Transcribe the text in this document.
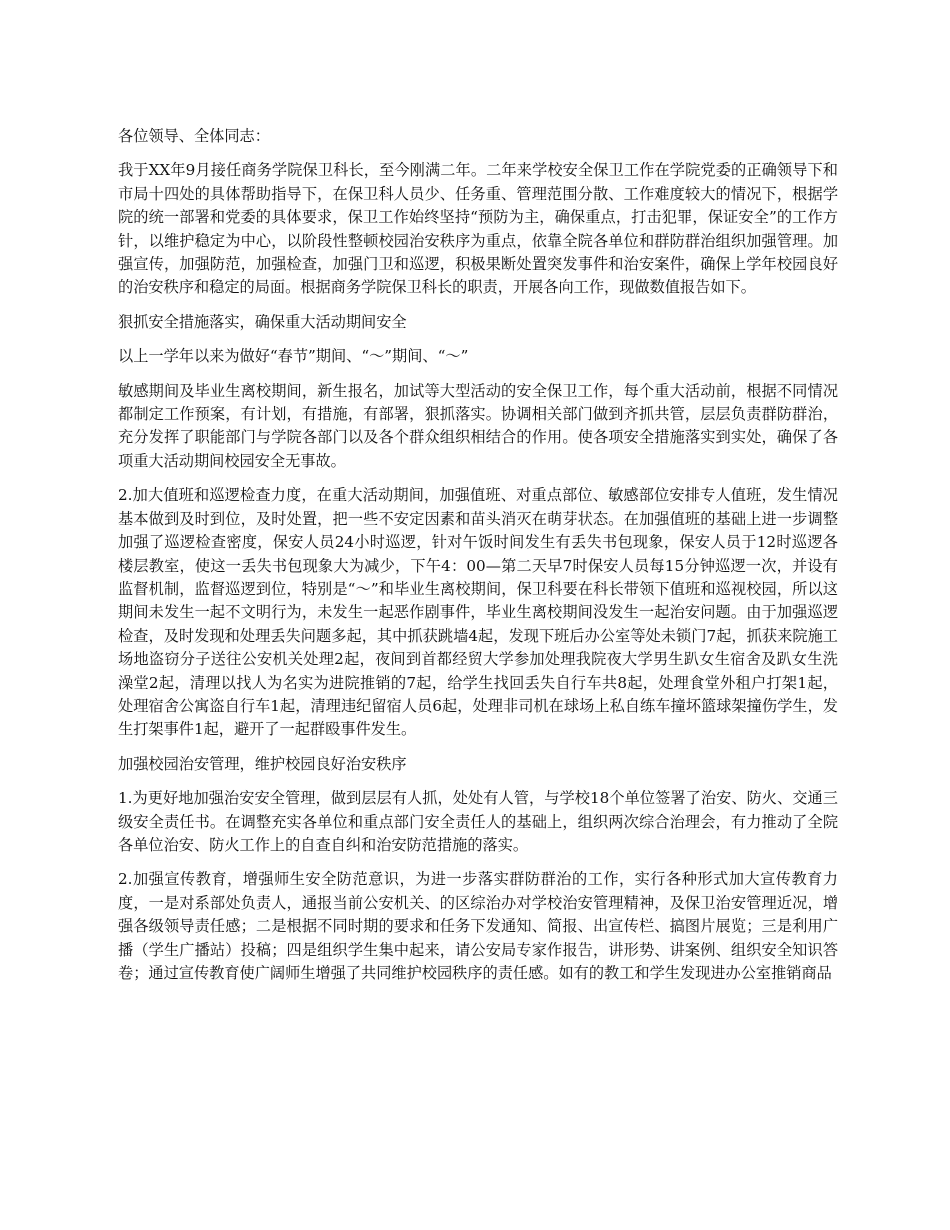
各位领导、全体同志：

我于XX年9月接任商务学院保卫科长，至今刚满二年。二年来学校安全保卫工作在学院党委的正确领导下和市局十四处的具体帮助指导下，在保卫科人员少、任务重、管理范围分散、工作难度较大的情况下，根据学院的统一部署和党委的具体要求，保卫工作始终坚持“预防为主，确保重点，打击犯罪，保证安全”的工作方针，以维护稳定为中心，以阶段性整顿校园治安秩序为重点，依靠全院各单位和群防群治组织加强管理。加强宣传，加强防范，加强检查，加强门卫和巡逻，积极果断处置突发事件和治安案件，确保上学年校园良好的治安秩序和稳定的局面。根据商务学院保卫科长的职责，开展各向工作，现做数值报告如下。

狠抓安全措施落实，确保重大活动期间安全

以上一学年以来为做好“春节”期间、“～”期间、“～”

敏感期间及毕业生离校期间，新生报名，加试等大型活动的安全保卫工作，每个重大活动前，根据不同情况都制定工作预案，有计划，有措施，有部署，狠抓落实。协调相关部门做到齐抓共管，层层负责群防群治，充分发挥了职能部门与学院各部门以及各个群众组织相结合的作用。使各项安全措施落实到实处，确保了各项重大活动期间校园安全无事故。

2.加大值班和巡逻检查力度，在重大活动期间，加强值班、对重点部位、敏感部位安排专人值班，发生情况基本做到及时到位，及时处置，把一些不安定因素和苗头消灭在萌芽状态。在加强值班的基础上进一步调整加强了巡逻检查密度，保安人员24小时巡逻，针对午饭时间发生有丢失书包现象，保安人员于12时巡逻各楼层教室，使这一丢失书包现象大为减少，下午4：00—第二天早7时保安人员每15分钟巡逻一次，并设有监督机制，监督巡逻到位，特别是“～”和毕业生离校期间，保卫科要在科长带领下值班和巡视校园，所以这期间未发生一起不文明行为，未发生一起恶作剧事件，毕业生离校期间没发生一起治安问题。由于加强巡逻检查，及时发现和处理丢失问题多起，其中抓获跳墙4起，发现下班后办公室等处未锁门7起，抓获来院施工场地盗窃分子送往公安机关处理2起，夜间到首都经贸大学参加处理我院夜大学男生趴女生宿舍及趴女生洗澡堂2起，清理以找人为名实为进院推销的7起，给学生找回丢失自行车共8起，处理食堂外租户打架1起，处理宿舍公寓盗自行车1起，清理违纪留宿人员6起，处理非司机在球场上私自练车撞坏篮球架撞伤学生，发生打架事件1起，避开了一起群殴事件发生。

加强校园治安管理，维护校园良好治安秩序

1.为更好地加强治安安全管理，做到层层有人抓，处处有人管，与学校18个单位签署了治安、防火、交通三级安全责任书。在调整充实各单位和重点部门安全责任人的基础上，组织两次综合治理会，有力推动了全院各单位治安、防火工作上的自查自纠和治安防范措施的落实。

2.加强宣传教育，增强师生安全防范意识，为进一步落实群防群治的工作，实行各种形式加大宣传教育力度，一是对系部处负责人，通报当前公安机关、的区综治办对学校治安管理精神，及保卫治安管理近况，增强各级领导责任感；二是根据不同时期的要求和任务下发通知、简报、出宣传栏、搞图片展览；三是利用广播（学生广播站）投稿；四是组织学生集中起来，请公安局专家作报告，讲形势、讲案例、组织安全知识答卷；通过宣传教育使广阔师生增强了共同维护校园秩序的责任感。如有的教工和学生发现进办公室推销商品
